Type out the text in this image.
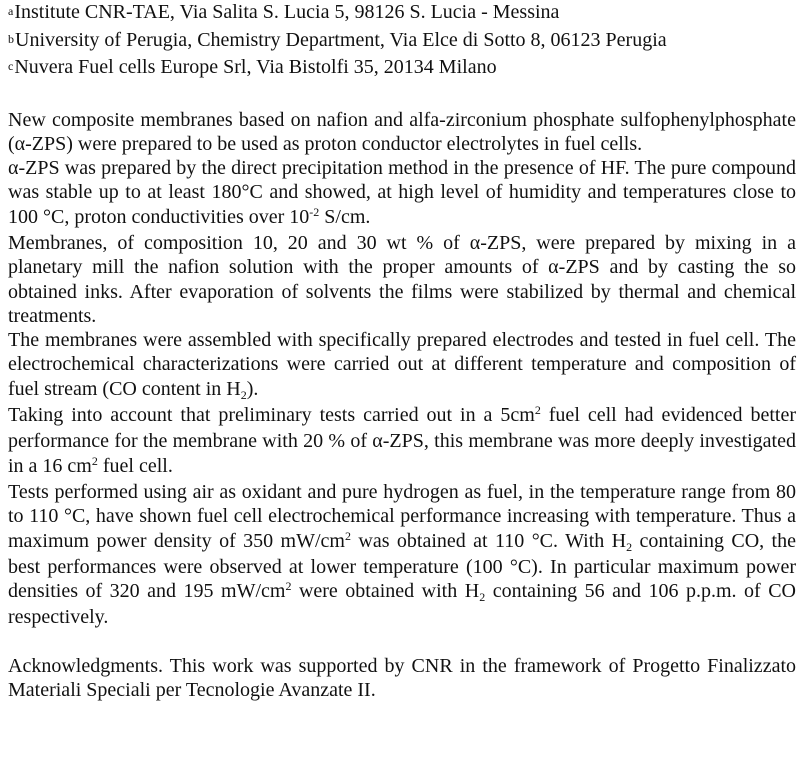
$^a$Institute CNR-TAE, Via Salita S. Lucia 5, 98126 S. Lucia - Messina

$^b$University of Perugia, Chemistry Department, Via Elce di Sotto 8, 06123 Perugia

$^c$Nuvera Fuel cells Europe Srl, Via Bistolfi 35, 20134 Milano

New composite membranes based on nafion and alfa-zirconium phosphate sulfophenylphosphate (α-ZPS) were prepared to be used as proton conductor electrolytes in fuel cells.

α-ZPS was prepared by the direct precipitation method in the presence of HF. The pure compound was stable up to at least 180°C and showed, at high level of humidity and temperatures close to 100 °C, proton conductivities over $10^{-2}$ S/cm.

Membranes, of composition 10, 20 and 30 wt % of α-ZPS, were prepared by mixing in a planetary mill the nafion solution with the proper amounts of α-ZPS and by casting the so obtained inks. After evaporation of solvents the films were stabilized by thermal and chemical treatments.

The membranes were assembled with specifically prepared electrodes and tested in fuel cell. The electrochemical characterizations were carried out at different temperature and composition of fuel stream (CO content in $H_2$).

Taking into account that preliminary tests carried out in a $5cm^2$ fuel cell had evidenced better performance for the membrane with 20 % of α-ZPS, this membrane was more deeply investigated in a 16 $cm^2$ fuel cell.

Tests performed using air as oxidant and pure hydrogen as fuel, in the temperature range from 80 to 110 °C, have shown fuel cell electrochemical performance increasing with temperature. Thus a maximum power density of 350 $mW/cm^2$ was obtained at 110 °C. With $H_2$ containing CO, the best performances were observed at lower temperature (100 °C). In particular maximum power densities of 320 and 195 $mW/cm^2$ were obtained with $H_2$ containing 56 and 106 p.p.m. of CO respectively.

Acknowledgments. This work was supported by CNR in the framework of Progetto Finalizzato Materiali Speciali per Tecnologie Avanzate II.
